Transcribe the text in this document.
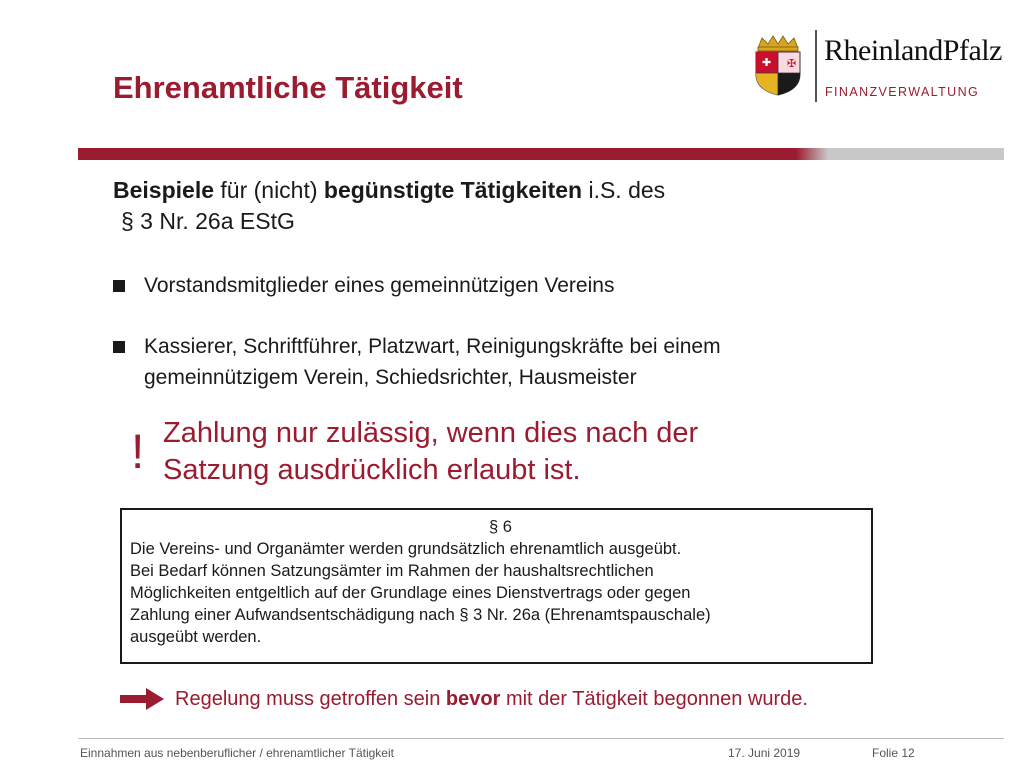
✠
✚ RheinlandPfalz
FINANZVERWALTUNG
Ehrenamtliche Tätigkeit
Beispiele für (nicht) begünstigte Tätigkeiten i.S. des
§ 3 Nr. 26a EStG
Vorstandsmitglieder eines gemeinnützigen Vereins
Kassierer, Schriftführer, Platzwart, Reinigungskräfte bei einem gemeinnützigem Verein, Schiedsrichter, Hausmeister
! Zahlung nur zulässig, wenn dies nach der
Satzung ausdrücklich erlaubt ist.
§ 6
Die Vereins- und Organämter werden grundsätzlich ehrenamtlich ausgeübt.
Bei Bedarf können Satzungsämter im Rahmen der haushaltsrechtlichen
Möglichkeiten entgeltlich auf der Grundlage eines Dienstvertrags oder gegen
Zahlung einer Aufwandsentschädigung nach § 3 Nr. 26a (Ehrenamtspauschale)
ausgeübt werden.
Regelung muss getroffen sein bevor mit der Tätigkeit begonnen wurde.
Einnahmen aus nebenberuflicher / ehrenamtlicher Tätigkeit	17. Juni 2019	Folie 12
